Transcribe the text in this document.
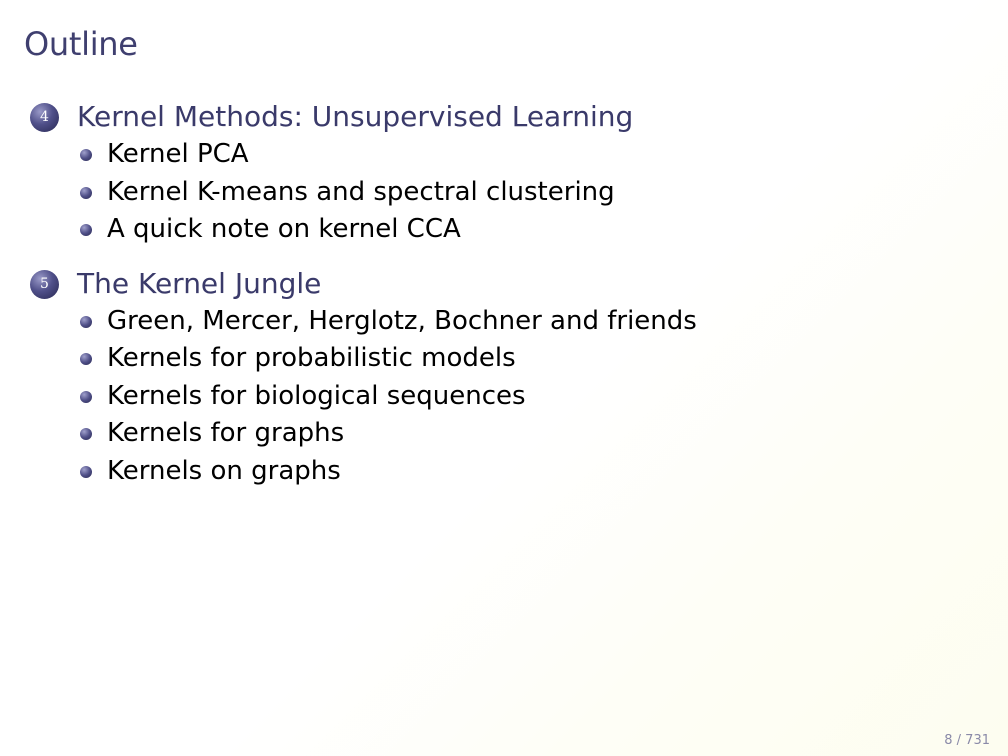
Outline
4	Kernel Methods: Unsupervised Learning
Kernel PCA
Kernel K-means and spectral clustering
A quick note on kernel CCA
5	The Kernel Jungle
Green, Mercer, Herglotz, Bochner and friends
Kernels for probabilistic models
Kernels for biological sequences
Kernels for graphs
Kernels on graphs
8 / 731
